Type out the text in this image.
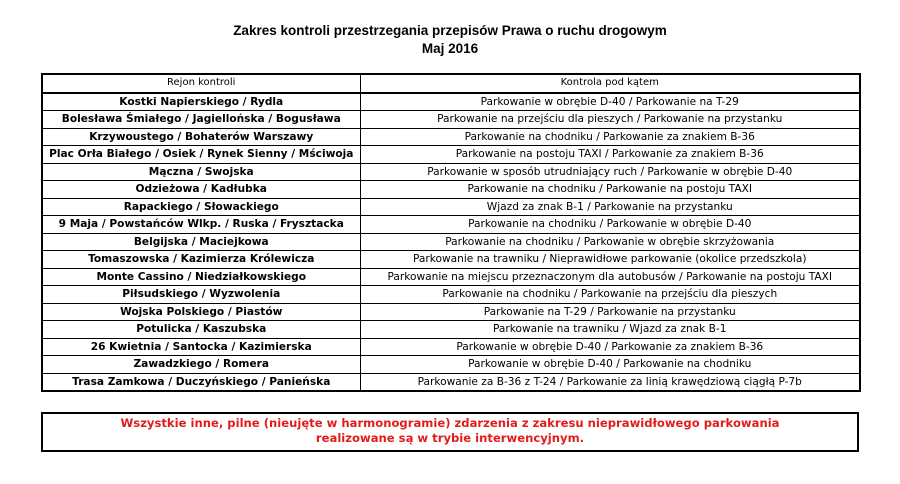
Zakres kontroli przestrzegania przepisów Prawa o ruchu drogowym
Maj 2016
Rejon kontroli	Kontrola pod kątem
Kostki Napierskiego / Rydla	Parkowanie w obrębie D-40 / Parkowanie na T-29
Bolesława Śmiałego / Jagiellońska / Bogusława	Parkowanie na przejściu dla pieszych / Parkowanie na przystanku
Krzywoustego / Bohaterów Warszawy	Parkowanie na chodniku / Parkowanie za znakiem B-36
Plac Orła Białego / Osiek / Rynek Sienny / Mściwoja	Parkowanie na postoju TAXI / Parkowanie za znakiem B-36
Mączna / Swojska	Parkowanie w sposób utrudniający ruch / Parkowanie w obrębie D-40
Odzieżowa / Kadłubka	Parkowanie na chodniku / Parkowanie na postoju TAXI
Rapackiego / Słowackiego	Wjazd za znak B-1 / Parkowanie na przystanku
9 Maja / Powstańców Wlkp. / Ruska / Frysztacka	Parkowanie na chodniku / Parkowanie w obrębie D-40
Belgijska / Maciejkowa	Parkowanie na chodniku / Parkowanie w obrębie skrzyżowania
Tomaszowska / Kazimierza Królewicza	Parkowanie na trawniku / Nieprawidłowe parkowanie (okolice przedszkola)
Monte Cassino / Niedziałkowskiego	Parkowanie na miejscu przeznaczonym dla autobusów / Parkowanie na postoju TAXI
Piłsudskiego / Wyzwolenia	Parkowanie na chodniku / Parkowanie na przejściu dla pieszych
Wojska Polskiego / Piastów	Parkowanie na T-29 / Parkowanie na przystanku
Potulicka / Kaszubska	Parkowanie na trawniku / Wjazd za znak B-1
26 Kwietnia / Santocka / Kazimierska	Parkowanie w obrębie D-40 / Parkowanie za znakiem B-36
Zawadzkiego / Romera	Parkowanie w obrębie D-40 / Parkowanie na chodniku
Trasa Zamkowa / Duczyńskiego / Panieńska	Parkowanie za B-36 z T-24 / Parkowanie za linią krawędziową ciągłą P-7b
Wszystkie inne, pilne (nieujęte w harmonogramie) zdarzenia z zakresu nieprawidłowego parkowania
realizowane są w trybie interwencyjnym.
